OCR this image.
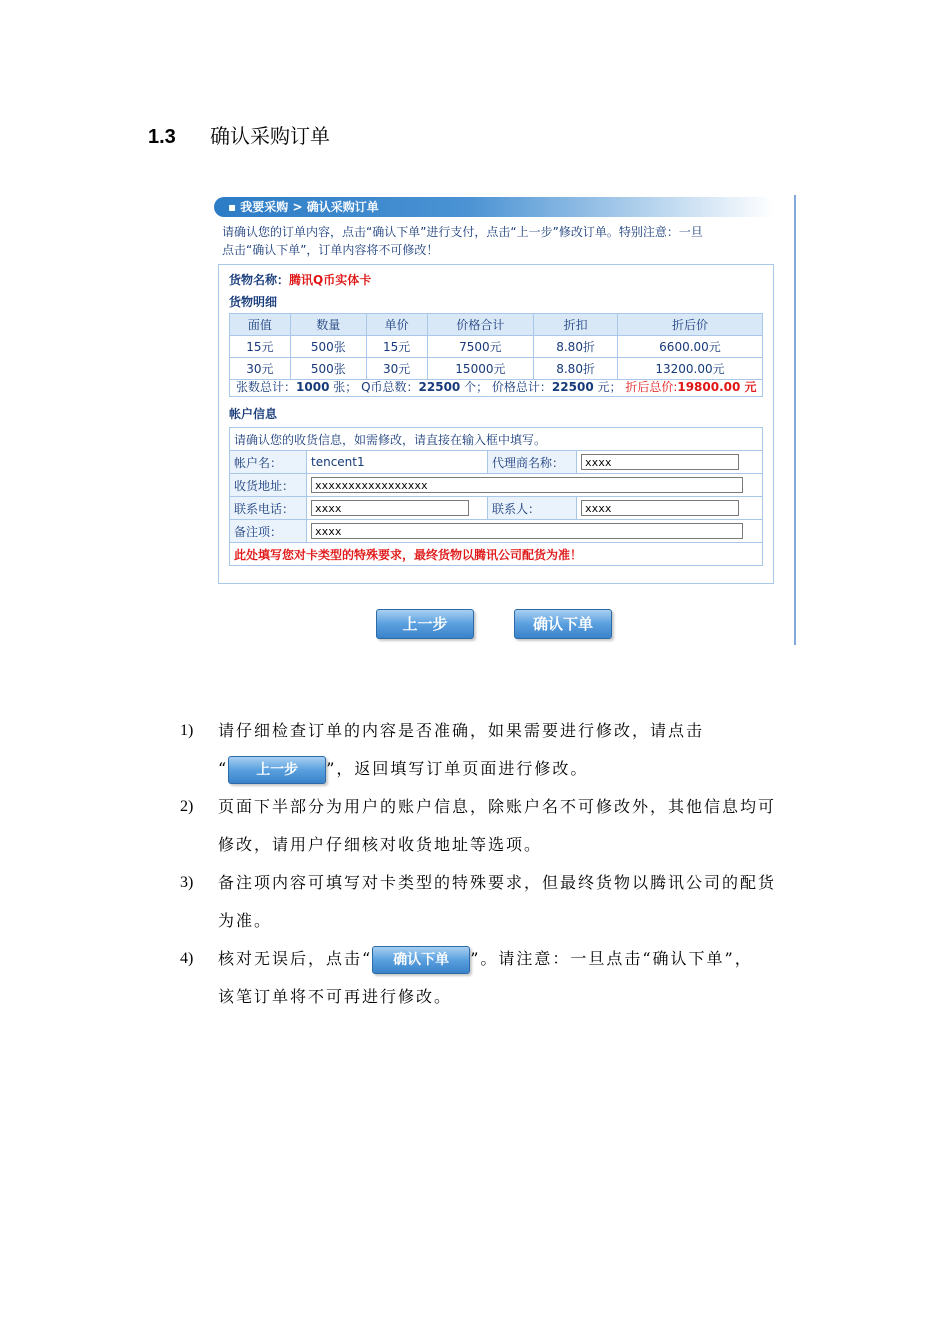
1.3 确认采购订单
▪ 我要采购 > 确认采购订单
请确认您的订单内容，点击“确认下单”进行支付，点击“上一步”修改订单。特别注意：一旦
点击“确认下单”，订单内容将不可修改！
货物名称：腾讯Q币实体卡
货物明细
面值	数量	单价	价格合计	折扣	折后价
15元	500张	15元	7500元	8.80折	6600.00元
30元	500张	30元	15000元	8.80折	13200.00元
张数总计：1000 张； Q币总数：22500 个； 价格总计：22500 元； 折后总价:19800.00 元
帐户信息
请确认您的收货信息，如需修改，请直接在输入框中填写。			
帐户名：	tencent1	代理商名称：	xxxx
收货地址：	xxxxxxxxxxxxxxxxx		
联系电话：	xxxx	联系人：	xxxx
备注项：	xxxx		
此处填写您对卡类型的特殊要求，最终货物以腾讯公司配货为准！			
上一步	确认下单
1) 请仔细检查订单的内容是否准确，如果需要进行修改，请点击
“ 上一步 ”，返回填写订单页面进行修改。
2) 页面下半部分为用户的账户信息，除账户名不可修改外，其他信息均可
修改，请用户仔细核对收货地址等选项。
3) 备注项内容可填写对卡类型的特殊要求，但最终货物以腾讯公司的配货
为准。
4) 核对无误后，点击“ 确认下单 ”。请注意：一旦点击“确认下单”，
该笔订单将不可再进行修改。
